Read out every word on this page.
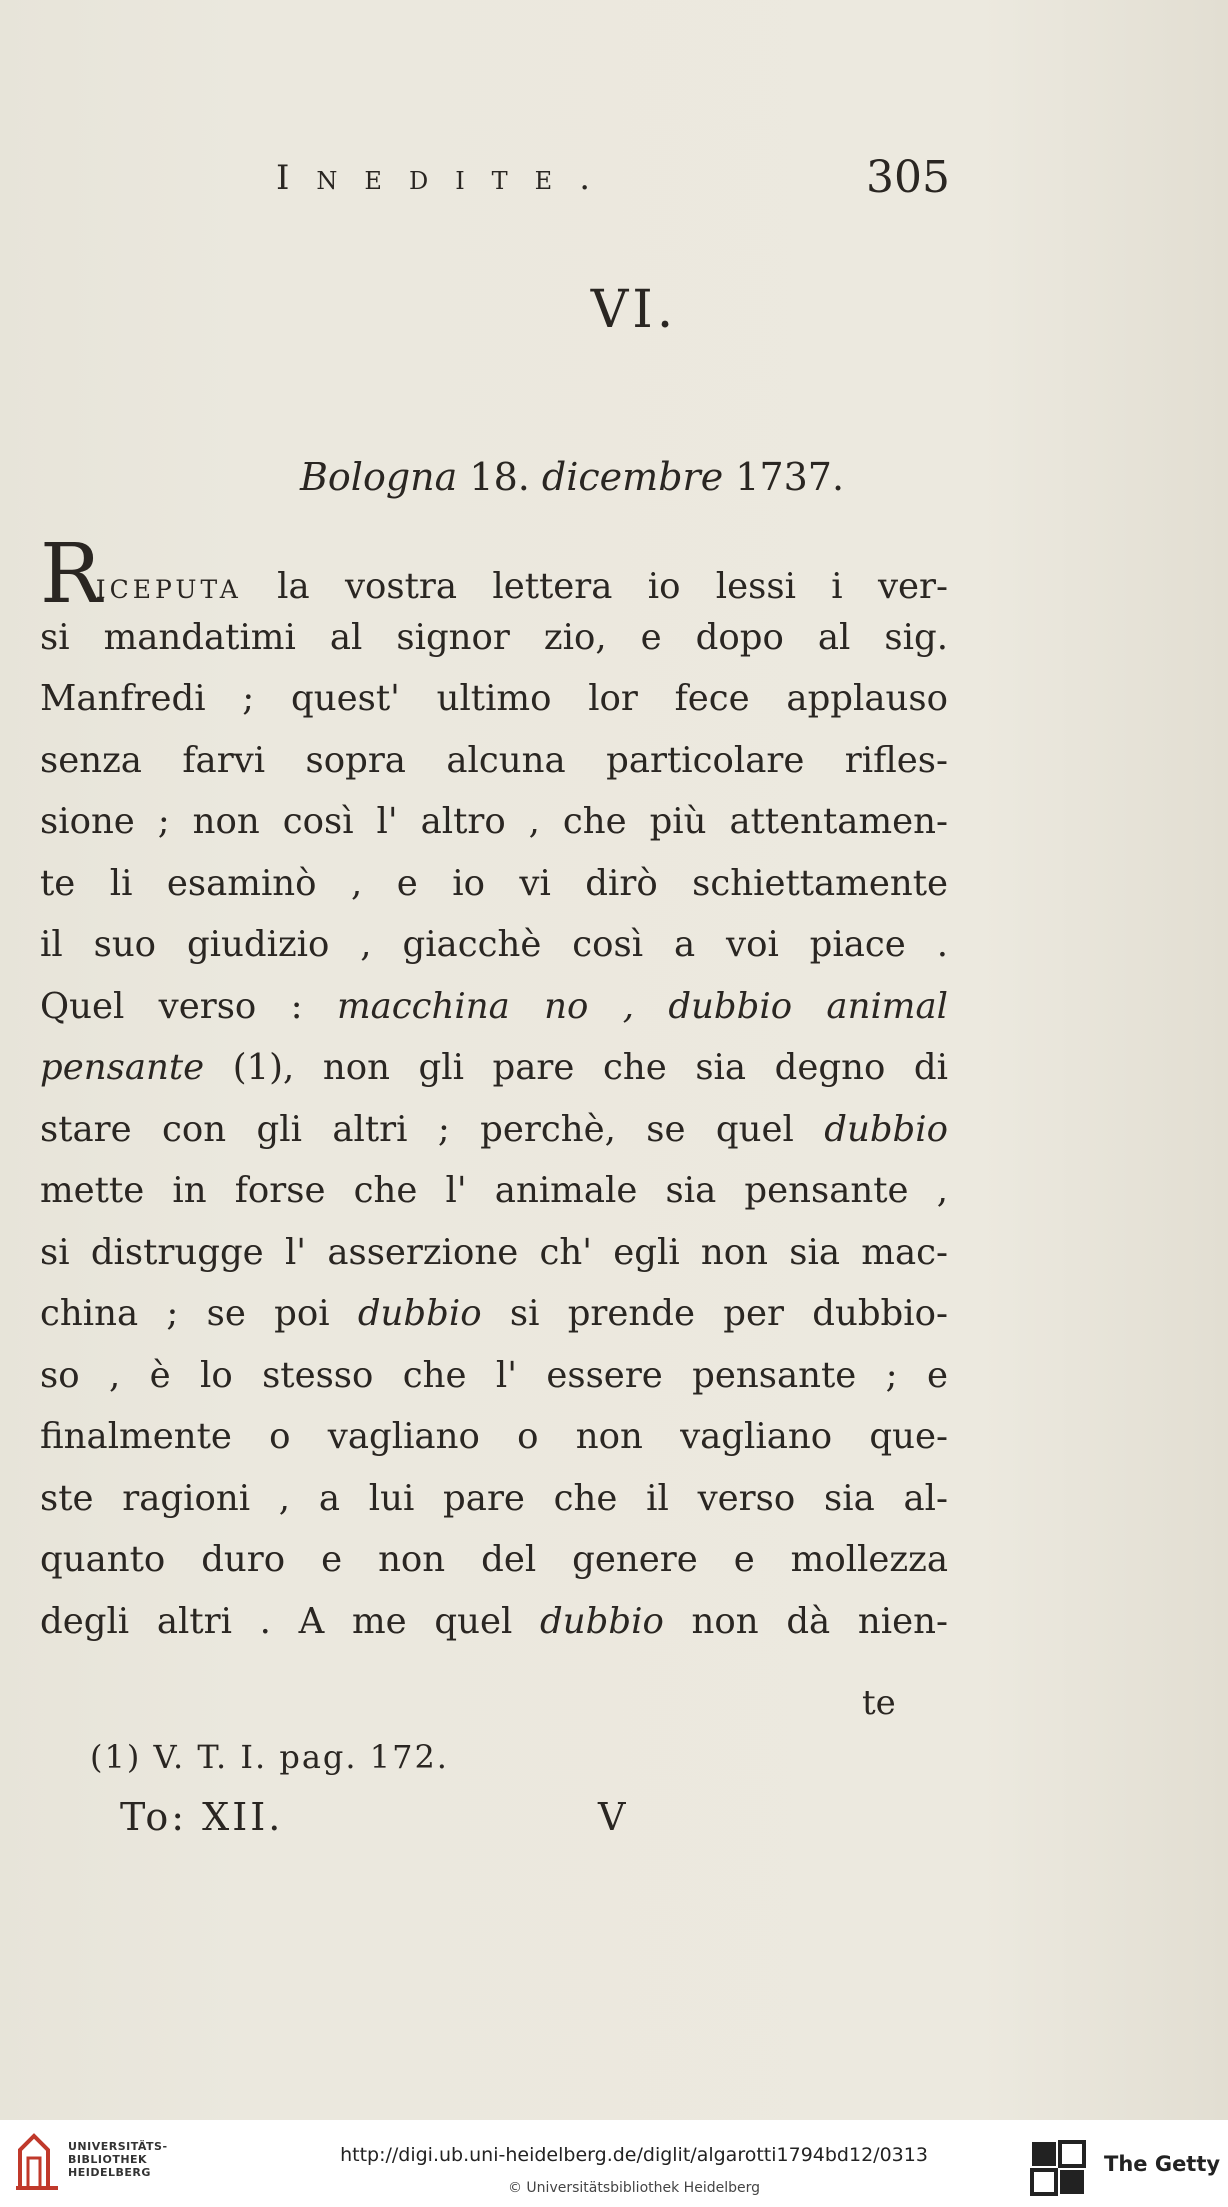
Inedite.	305
VI.
Bologna 18. dicembre 1737.
Riceputa la vostra lettera io lessi i ver-
si mandatimi al signor zio, e dopo al sig.
Manfredi ; quest' ultimo lor fece applauso
senza farvi sopra alcuna particolare rifles-
sione ; non così l' altro , che più attentamen-
te li esaminò , e io vi dirò schiettamente
il suo giudizio , giacchè così a voi piace .
Quel verso : macchina no , dubbio animal
pensante (1), non gli pare che sia degno di
stare con gli altri ; perchè, se quel dubbio
mette in forse che l' animale sia pensante ,
si distrugge l' asserzione ch' egli non sia mac-
china ; se poi dubbio si prende per dubbio-
so , è lo stesso che l' essere pensante ; e
finalmente o vagliano o non vagliano que-
ste ragioni , a lui pare che il verso sia al-
quanto duro e non del genere e mollezza
degli altri . A me quel dubbio non dà nien-
te
(1) V. T. I. pag. 172.
To: XII.	V
UNIVERSITÄTS-
BIBLIOTHEK
HEIDELBERG
http://digi.ub.uni-heidelberg.de/diglit/algarotti1794bd12/0313
© Universitätsbibliothek Heidelberg
The Getty
